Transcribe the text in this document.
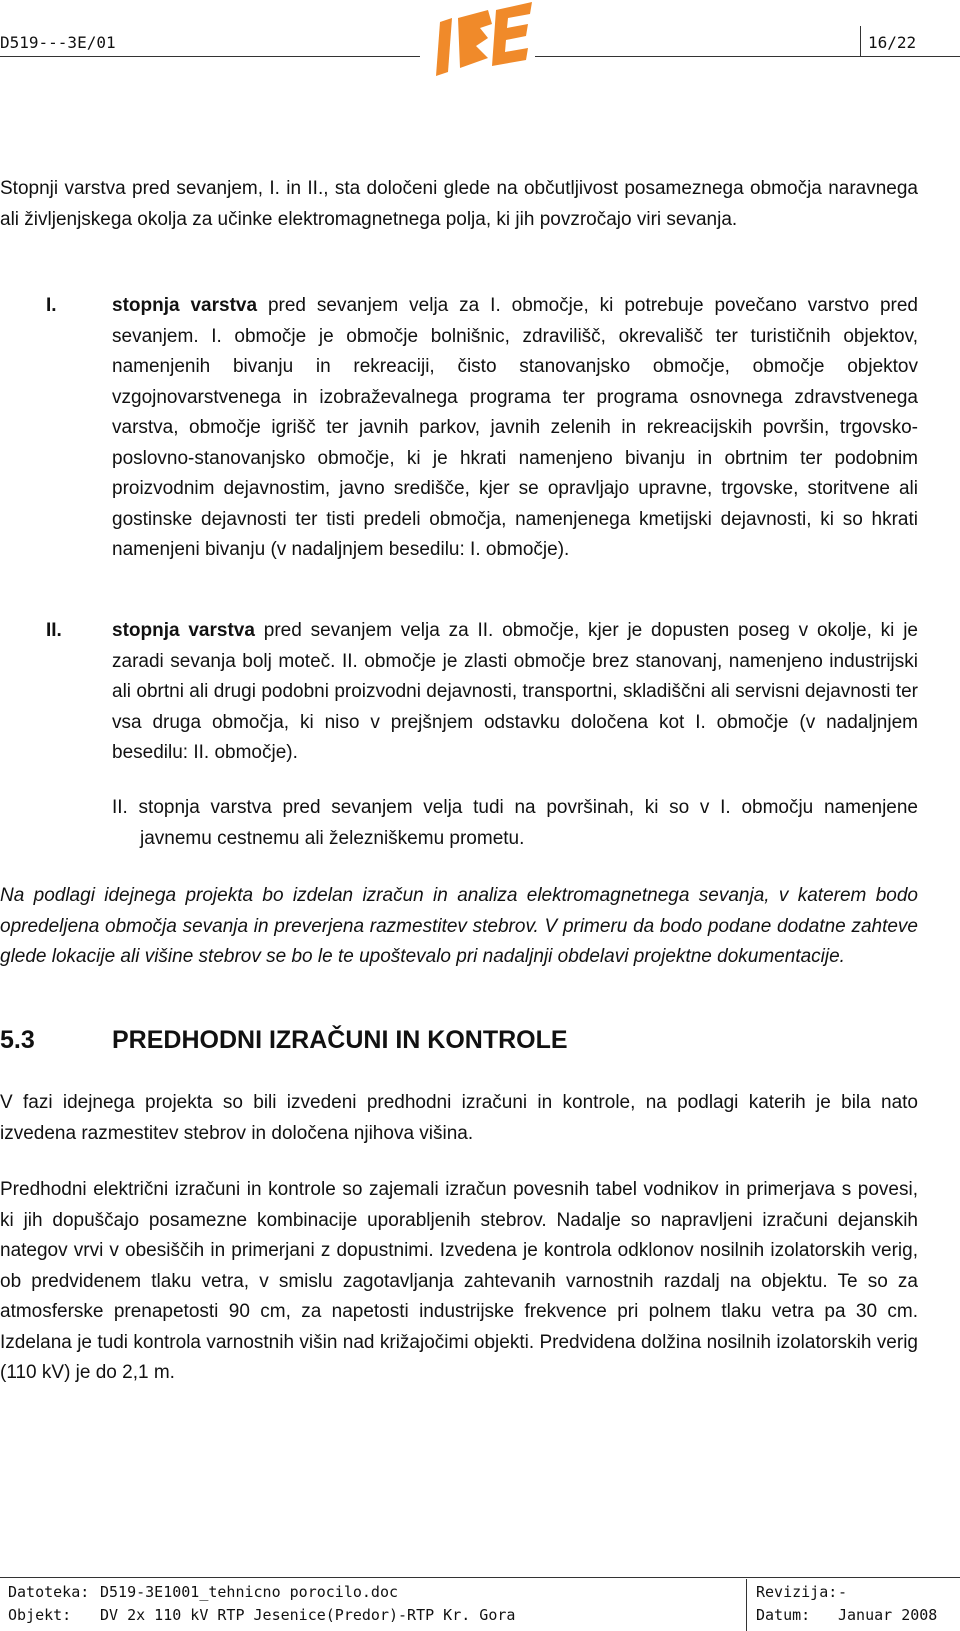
D519---3E/01	16/22

Stopnji varstva pred sevanjem, I. in II., sta določeni glede na občutljivost posameznega območja naravnega ali življenjskega okolja za učinke elektromagnetnega polja, ki jih povzročajo viri sevanja.

I.	stopnja varstva pred sevanjem velja za I. območje, ki potrebuje povečano varstvo pred sevanjem. I. območje je območje bolnišnic, zdravilišč, okrevališč ter turističnih objektov, namenjenih bivanju in rekreaciji, čisto stanovanjsko območje, območje objektov vzgojnovarstvenega in izobraževalnega programa ter programa osnovnega zdravstvenega varstva, območje igrišč ter javnih parkov, javnih zelenih in rekreacijskih površin, trgovsko-poslovno-stanovanjsko območje, ki je hkrati namenjeno bivanju in obrtnim ter podobnim proizvodnim dejavnostim, javno središče, kjer se opravljajo upravne, trgovske, storitvene ali gostinske dejavnosti ter tisti predeli območja, namenjenega kmetijski dejavnosti, ki so hkrati namenjeni bivanju (v nadaljnjem besedilu: I. območje).

II.	stopnja varstva pred sevanjem velja za II. območje, kjer je dopusten poseg v okolje, ki je zaradi sevanja bolj moteč. II. območje je zlasti območje brez stanovanj, namenjeno industrijski ali obrtni ali drugi podobni proizvodni dejavnosti, transportni, skladiščni ali servisni dejavnosti ter vsa druga območja, ki niso v prejšnjem odstavku določena kot I. območje (v nadaljnjem besedilu: II. območje).

II. stopnja varstva pred sevanjem velja tudi na površinah, ki so v I. območju namenjene javnemu cestnemu ali železniškemu prometu.

Na podlagi idejnega projekta bo izdelan izračun in analiza elektromagnetnega sevanja, v katerem bodo opredeljena območja sevanja in preverjena razmestitev stebrov. V primeru da bodo podane dodatne zahteve glede lokacije ali višine stebrov se bo le te upoštevalo pri nadaljnji obdelavi projektne dokumentacije.

5.3	PREDHODNI IZRAČUNI IN KONTROLE

V fazi idejnega projekta so bili izvedeni predhodni izračuni in kontrole, na podlagi katerih je bila nato izvedena razmestitev stebrov in določena njihova višina.

Predhodni električni izračuni in kontrole so zajemali izračun povesnih tabel vodnikov in primerjava s povesi, ki jih dopuščajo posamezne kombinacije uporabljenih stebrov. Nadalje so napravljeni izračuni dejanskih nategov vrvi v obesiščih in primerjani z dopustnimi. Izvedena je kontrola odklonov nosilnih izolatorskih verig, ob predvidenem tlaku vetra, v smislu zagotavljanja zahtevanih varnostnih razdalj na objektu. Te so za atmosferske prenapetosti 90 cm, za napetosti industrijske frekvence pri polnem tlaku vetra pa 30 cm. Izdelana je tudi kontrola varnostnih višin nad križajočimi objekti. Predvidena dolžina nosilnih izolatorskih verig (110 kV) je do 2,1 m.

Datoteka: D519-3E1001_tehnicno porocilo.doc
Objekt: DV 2x 110 kV RTP Jesenice(Predor)-RTP Kr. Gora
Revizija: -
Datum: Januar 2008
